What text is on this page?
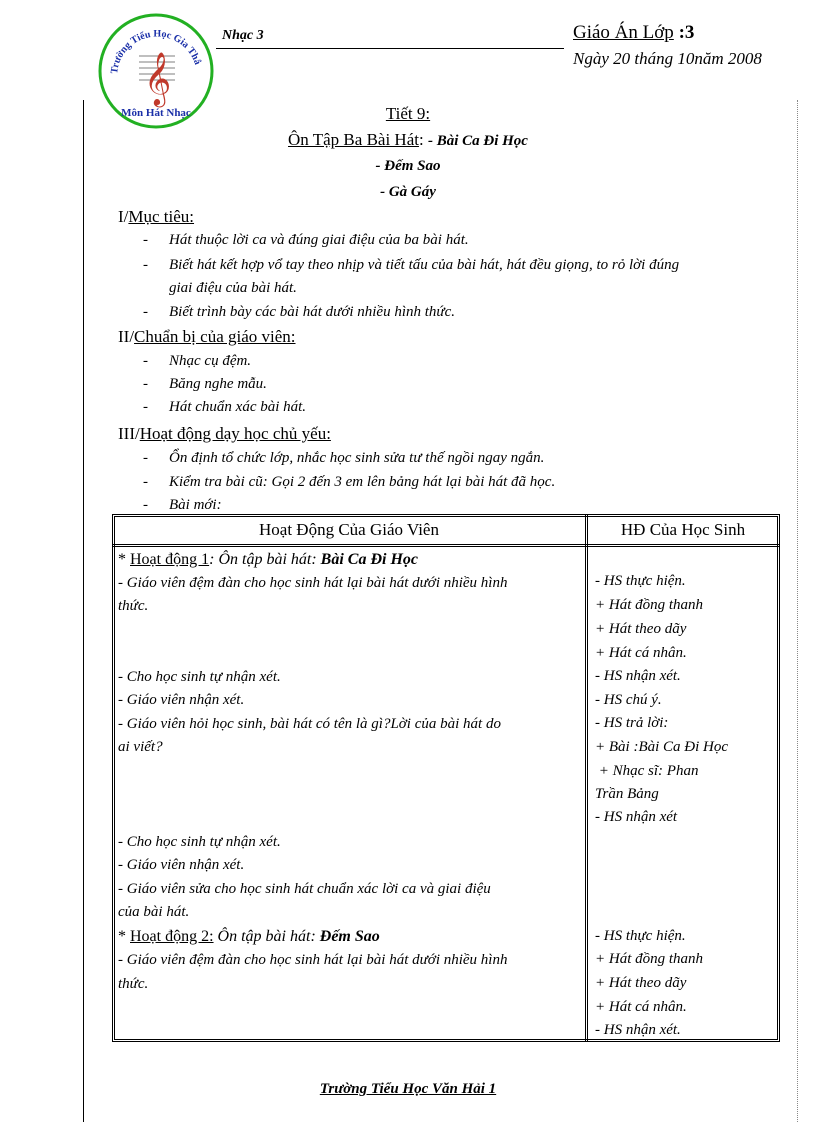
Trường Tiểu Học Gia Thắ
𝄞
Môn Hát Nhạc
Nhạc 3	Giáo Án Lớp :3
Ngày 20 tháng 10năm 2008
Tiết 9:
Ôn Tập Ba Bài Hát: - Bài Ca Đi Học
- Đếm Sao
- Gà Gáy
I/Mục tiêu:
- Hát thuộc lời ca và đúng giai điệu của ba bài hát.
- Biết hát kết hợp vổ tay theo nhịp và tiết tấu của bài hát, hát đều giọng, to rỏ lời đúng
giai điệu của bài hát.
- Biết trình bày các bài hát dưới nhiều hình thức.
II/Chuẩn bị của giáo viên:
- Nhạc cụ đệm.
- Băng nghe mẫu.
- Hát chuẩn xác bài hát.
III/Hoạt động dạy học chủ yếu:
- Ổn định tổ chức lớp, nhắc học sinh sửa tư thế ngồi ngay ngắn.
- Kiểm tra bài cũ: Gọi 2 đến 3 em lên bảng hát lại bài hát đã học.
- Bài mới:
Hoạt Động Của Giáo Viên	HĐ Của Học Sinh
* Hoạt động 1: Ôn tập bài hát: Bài Ca Đi Học
- Giáo viên đệm đàn cho học sinh hát lại bài hát dưới nhiều hình
thức.
- Cho học sinh tự nhận xét.
- Giáo viên nhận xét.
- Giáo viên hỏi học sinh, bài hát có tên là gì?Lời của bài hát do
ai viết?
- Cho học sinh tự nhận xét.
- Giáo viên nhận xét.
- Giáo viên sửa cho học sinh hát chuẩn xác lời ca và giai điệu
của bài hát.
* Hoạt động 2: Ôn tập bài hát: Đếm Sao
- Giáo viên đệm đàn cho học sinh hát lại bài hát dưới nhiều hình
thức.
- HS thực hiện.
+ Hát đồng thanh
+ Hát theo dãy
+ Hát cá nhân.
- HS nhận xét.
- HS chú ý.
- HS trả lời:
+ Bài :Bài Ca Đi Học
+ Nhạc sĩ: Phan
Trần Bảng
- HS nhận xét
- HS thực hiện.
+ Hát đồng thanh
+ Hát theo dãy
+ Hát cá nhân.
- HS nhận xét.
Trường Tiểu Học Văn Hải 1
